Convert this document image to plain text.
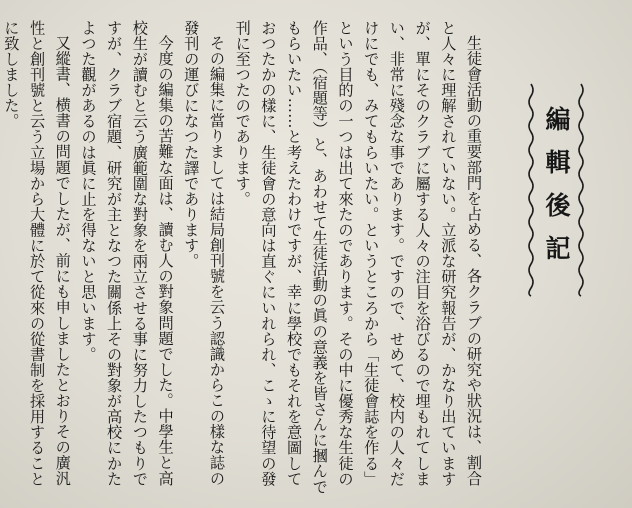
編輯後記

生徒會活動の重要部門を占める、各クラブの研究や狀況は、割合と人々に理解されていない。立派な研究報告が、かなり出ていますが、單にそのクラブに屬する人々の注目を浴びるので埋もれてしまい、非常に殘念な事であります。ですので、せめて、校内の人々だけにでも、みてもらいたい。というところから「生徒會誌を作る」という目的の一つは出て來たのであります。その中に優秀な生徒の作品、（宿題等）と、あわせて生徒活動の眞の意義を皆さんに摑んでもらいたい……と考えたわけですが、幸に學校でもそれを意圖しておつたかの樣に、生徒會の意向は直ぐにいれられ、こゝに待望の發刊に至つたのであります。

その編集に當りましては結局創刊號を云う認識からこの樣な誌の發刊の運びになつた譯であります。

今度の編集の苦難な面は、讀む人の對象問題でした。中學生と高校生が讀むと云う廣範圍な對象を兩立させる事に努力したつもりですが、クラブ宿題、研究が主となつた關係上その對象が高校にかたよつた觀があるのは眞に止を得ないと思います。

又縱書、横書の問題でしたが、前にも申しましたとおりその廣汎性と創刊號と云う立場から大體に於て從來の從書制を採用することに致しました。
